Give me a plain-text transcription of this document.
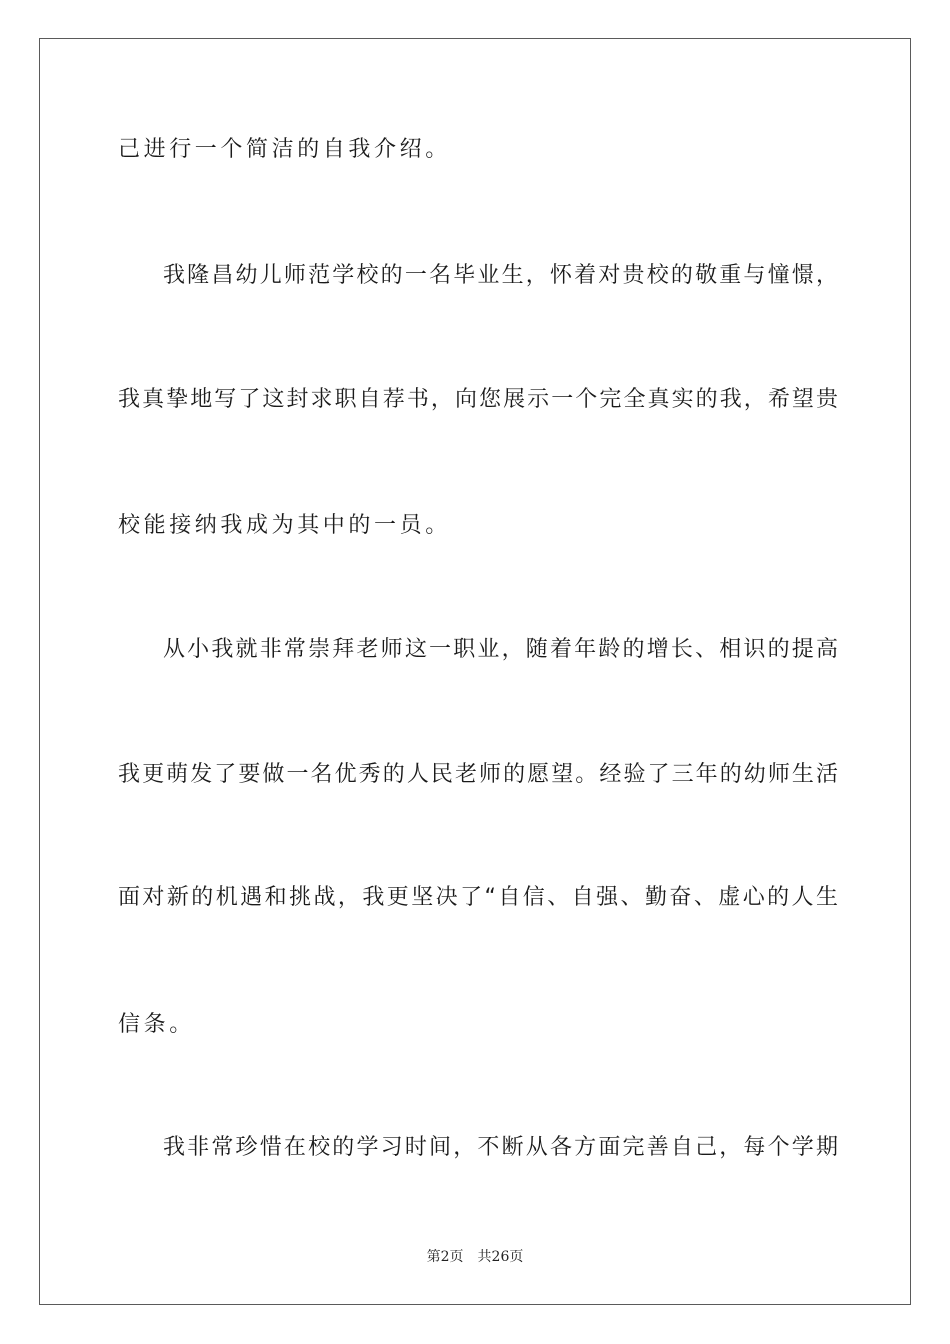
己进行一个简洁的自我介绍。
我隆昌幼儿师范学校的一名毕业生，怀着对贵校的敬重与憧憬，
我真挚地写了这封求职自荐书，向您展示一个完全真实的我，希望贵
校能接纳我成为其中的一员。
从小我就非常崇拜老师这一职业，随着年龄的增长、相识的提高
我更萌发了要做一名优秀的人民老师的愿望。经验了三年的幼师生活
面对新的机遇和挑战，我更坚决了“自信、自强、勤奋、虚心的人生
信条。
我非常珍惜在校的学习时间，不断从各方面完善自己，每个学期
第2页 共26页
